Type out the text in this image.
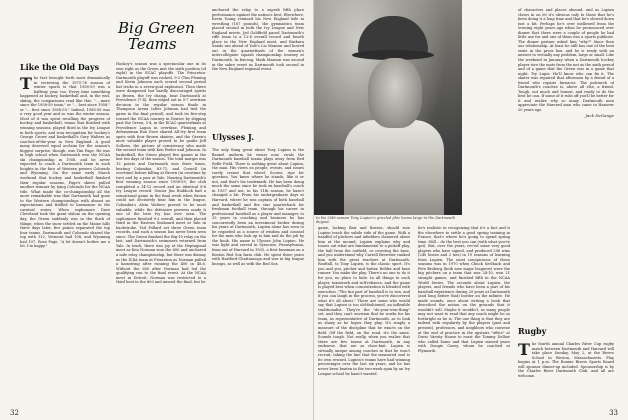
Big Green
Teams
Like the Old Days
The fact brought forth most dramatically in reviewing the 1975-76 season of winter sports is that 1958-59 was a halfway year, too. Every time something happened at hockey, basketball and, in the end, skiing, the comparisons read like this: "... more since the 1958-59 team," or "... best since 1958," or "... first since 1958-59." Indeed, 1958-59 was a very good year and so was the winter season. Most of it was spent recalling the progress of hockey and basketball, teams that finished with winning seasons, played third in the Ivy League in both sports, and won recognition for hockey's George Crowe and basketball's Gary Walters as coaches-of-the-year in New England. A good many deserved equal acclaim for the season's biggest surprise, though, was Tim Page. He was in high school when Dartmouth won the NCAA ski championship in 1958, and he never expected to coach a Dartmouth team to such heights in the face of Western powers Colorado and Wyoming. On the same early March weekend that hockey and basketball finished their regular seasons, Page's skiers pulled another stunner by tying Colorado for the NCAA title. What made the co-championship all the more remarkable was that Dartmouth had gone to the Western championships with almost no expectations and fiddled to harmonize in the carnival series. When sophomore Dave Cleveland took the giant slalom on the opening day, the Green suddenly was in the thick of things; when the snow settled on the Maine hills three days later, five points separated the top four teams. Dartmouth and Colorado shared the top with 112, Vermont had 108, and Wyoming had 107. Rose Page, "A lot doesn't bother me a lot. I'm happy."
Hockey's season was a spectacular one in its own right as the Green met the sixth position (of eight) in the ECAC playoffs. The Princeton-Dartmouth playoff was rocked, 9-2 (Tim Fleming and Kevin Johnson each scored second period hat tricks in a seven-goal explosion). Then there were dampened but hardly discouraged spirits as Brown, the Ivy champ, beat Dartmouth at Providence (7-4), then edged out in 5-7 overtime decision in the regular season finale in Thompson Arena (after Johnson had tied the game in the final period), and took its five-step toward the NCAA tourney in Denver by slipping past the Green, 5-4, in the ECAC quarterfinals at Providence Lagon in overtime. Fleming and defenseman Ron Dove shared All-Ivy first team spots with four Brown skaters, and the Green's most valuable player proved to be goalie Jeff Sollows, the picture of consistency who made the second team with Ken Peeler and Johnson. In basketball, the Green played five games in the last ten days of the season. The total margin was 13 points and Dartmouth won three times, beating Columbia, 83-71, and Cornell (in overtime) before falling at Brown (in overtime by two) and by a pair at Yale. Nearing Dartmouth's first winning season since 1958-59, the club completed a 14-12 record and an identical 8-6 Ivy League record. Senior Jim Ruddock had a sensational game in the final week when Brown could not decisively beat him in the league, Columbia's Alvin Walters proved to be most valuable, while the defensive prowess made it one of the best Ivy has ever seen. The sophomore finished 9-2 overall, and then placed third in the Eastern Seaboard meet at Yale in backstroke. Ted Pollard set three Green team records, and such a season has never been seen since. The Green finished the Big-10 relay on the last, and Dartmouth's swimmers returned from Yale. In track, there was joy at the Heptagonal meet as Ken Norman won the 600 and anchored a mile relay championship, but there was dismay as the IC4A team at Princeton as Norman pulled a hamstring after running the 400 in 48.6. Without the 600 after Norman had led the qualifying run to the final event. At the NCAA meet in Detroit, Norman was restricted to a third heat in the 600 and missed the final, but he
anchored the relay to a superb fifth place performance against the nation's best. Elsewhere, Kevin Young retained his New England title in wrestling (167 pounds), the gymnastics team placed second in both the Ivy League and New England meets, Jed Goldfield paced Dartmouth's rifle team to a 12-6 overall record and fourth place in the New England meet, and Barbara Sands ran ahead of Yale's Liz Manson and bowed out in the quarterfinals of the women's intercollegiate squash championship tourney at Dartmouth. In fencing, Mark Manson was second in the sabre event as Dartmouth took second in the New England regional event.
Ulysses J.
The only thing great about Tony Lupien is the flannel uniform he wears now, rivals the Dartmouth baseball teams plays away from Red Rolfe Field. There is nothing great about Lupien, the man. His views on people, events, and issues rarely crease that wheel. Scores, ripe for question. You know where he stands, like it or not, and that's his trademark. He has been doing much the same since he took on baseball's coach in 1937 and not, in his 11th season, he hasn't changed a bit. From his undergraduate days at Harvard, where he was captain of both baseball and basketball and the star quarterback for freshman football team, through his career in professional baseball as a player and manager, to 25 years in coaching and business he has concurrently been an investment broker during his years at Dartmouth, Lupien alone has seen to be regarded as a source of wisdom and counsel for the men who look up to him and do the job by the book. His name is Ulysses John Lupien. He was light and served in Syracuse, Pennsylvania, from out of Harvard in 1935, a first baseman on a Boston Red Sox farm club. He spent three years with Hartford-Chattanooga and was in big league lineups, as well as with the Red Sox.
32
In his 20th season Tony Lupien's grizzled phiz looms large in the Dartmouth dugout.
game, lacking flair and finesse, should ruin Lupien teach the subtle side of the game. With a handful of pitchers and infielders clamored about him at the mound, Lupien explains why and tosses out what are fundamental to a pickoff play, the ball from the outfield, or covering the base, and you understand why Carroll Brewster ranked him with the great teachers at Dartmouth. Rooftall, to Tony Lupien, is the classic sport. It's you and you, pitcher and batter, fielder and base runner. You make the play. There's no one to do it for you, no place to hide. In all things to each player, teamwork and self-reliance, and the game is played best when concentration is blended with execution. "The fun part of baseball is to win, and if you can laugh in the process, you've discovered what it's all about." There are some who would say that Lupien is too old-fashioned, an inflexible traditionalist. They're the "do-your-own-thing" set, and they can't envision that he works for his team, as representative of Dartmouth, as to look as sharp as he hopes they play. It's simply a measure of the discipline that he exacts on the field. Off the field, on the road, it's the same. Sounds tough. Not really, when you realize that there are few teams at Dartmouth, in any endeavor, that are as close-knit. Lupien is virtually unique among coaches in that he won't recruit, taking the line that the measured soul is its own reward. Lupien's teams have had winning percentages over the last six years, and he has never been beaten in the two-week span by an Ivy League school he hasn't wanted.
he's realistic in recognizing that it's a fact and it fits elsewhere to settle a good spring training in France, that's where he's going to spend spring time. Still... do the best you can (with what you've got). But, over the years, rev'ed some very good players who have signed, and produced 296 wins (240 losses and 2 ties) in 19 seasons of learning from Lupien. The most conspicuous of those seasons was in 1970 when Chuck Seelbach and Pete Broberg (both now major leaguers) were the big pitchers on a team that was 24-10, won 21 straight games, and finished fifth in the NCAA World Series. The seconds about Lupien, the players, and friends who have been a part of his baseball experience during 20 years at Dartmouth (and long before that) border on the infinite. He made sounds, once about writing a book that described the notion on the grounds that it wouldn't sell. Maybe it wouldn't, as many people may not want to read that any coach might be so forthright as he is. The one thing is that they are indeed with regularity by the players (past and present), professors, and neighbors who convene at the end of practice in the upstairs "office" at Davis Varsity House to roast the Tommy Dellow who called home and that Lupien missed years with Dougie Casey, whom he coached at Plymouth.
of characters and places abound, and as Lupien closes in on 60 it's obvious only to those that he's been doing it a long time and that he's slowed down just a bit. Perhaps he's over mellowed from the evening eight years ago when he pronounced over dinner that there were a couple of people he had little use for and one of them was a sports publicist. The dinner partner asked him "why?" Since then our relationship. At least he still has one of the best seats in the press box, and he is ready with an answer to virtually any problem, large or small. Like the weekend in January when a Dartmouth hockey player tore the mats from the net as the sixth period and of a game that the Green was in a game that night. Try Lupie. He'll know who can fix it. The skater was repaired that afternoon by a friend of a friend who repairs furnaces. The patriarch of Dartmouth's coaches is, above all else, a friend. Tough, not much and honest, and ready to do the best he can. If some of it rubs off you'll be better for it and realize why so many Dartmouth men appreciate the Harvard man who came in Hanover 20 years ago.
Jack DeGange
Rugby
The fourth annual Charles River Cup rugby match between Dartmouth and Harvard will take place Sunday, May 2, at the Rivers School in Weston, Massachusetts. Play begins at 1 p.m. The Ronnie Rivers Sports Board will sponsor dinner-up included. Sponsorship is by the Charles River Dartmouth Club, and all are welcome.
33
